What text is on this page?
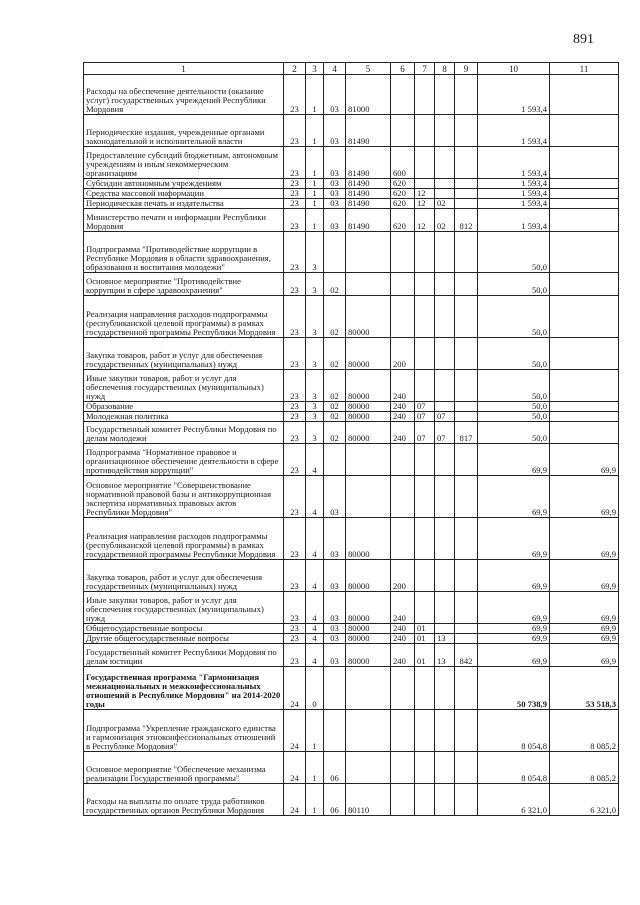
891
1	2	3	4	5	6	7	8	9	10	11
Расходы на обеспечение деятельности (оказание услуг) государственных учреждений Республики Мордовия	23	1	03	81000					1 593,4	
Периодические издания, учрежденные органами законодательной и исполнительной власти	23	1	03	81490					1 593,4	
Предоставление субсидий бюджетным, автономным учреждениям и иным некоммерческим организациям	23	1	03	81490	600				1 593,4	
Субсидии автономным учреждениям	23	1	03	81490	620				1 593,4	
Средства массовой информации	23	1	03	81490	620	12			1 593,4	
Периодическая печать и издательства	23	1	03	81490	620	12	02		1 593,4	
Министерство печати и информации Республики Мордовия	23	1	03	81490	620	12	02	812	1 593,4	
Подпрограмма "Противодействие коррупции в Республике Мордовия в области здравоохранения, образования и воспитания молодежи"	23	3							50,0	
Основное мероприятие "Противодействие коррупции в сфере здравоохранения"	23	3	02						50,0	
Реализация направления расходов подпрограммы (республиканской целевой программы) в рамках государственной программы Республики Мордовия	23	3	02	80000					50,0	
Закупка товаров, работ и услуг для обеспечения государственных (муниципальных) нужд	23	3	02	80000	200				50,0	
Иные закупки товаров, работ и услуг для обеспечения государственных (муниципальных) нужд	23	3	02	80000	240				50,0	
Образование	23	3	02	80000	240	07			50,0	
Молодежная политика	23	3	02	80000	240	07	07		50,0	
Государственный комитет Республики Мордовия по делам молодежи	23	3	02	80000	240	07	07	817	50,0	
Подпрограмма "Нормативное правовое и организационное обеспечение деятельности в сфере противодействия коррупции"	23	4							69,9	69,9
Основное мероприятие "Совершенствование нормативной правовой базы и антикоррупционная экспертиза нормативных правовых актов Республики Мордовия"	23	4	03						69,9	69,9
Реализация направления расходов подпрограммы (республиканской целевой программы) в рамках государственной программы Республики Мордовия	23	4	03	80000					69,9	69,9
Закупка товаров, работ и услуг для обеспечения государственных (муниципальных) нужд	23	4	03	80000	200				69,9	69,9
Иные закупки товаров, работ и услуг для обеспечения государственных (муниципальных) нужд	23	4	03	80000	240				69,9	69,9
Общегосударственные вопросы	23	4	03	80000	240	01			69,9	69,9
Другие общегосударственные вопросы	23	4	03	80000	240	01	13		69,9	69,9
Государственный комитет Республики Мордовия по делам юстиции	23	4	03	80000	240	01	13	842	69,9	69,9
Государственная программа "Гармонизация межнациональных и межконфессиональных отношений в Республике Мордовия" на 2014-2020 годы	24	0							50 738,9	53 518,3
Подпрограмма "Укрепление гражданского единства и гармонизация этноконфессиональных отношений в Республике Мордовия"	24	1							8 054,8	8 085,2
Основное мероприятие "Обеспечение механизма реализации Государственной программы"	24	1	06						8 054,8	8 085,2
Расходы на выплаты по оплате труда работников государственных органов Республики Мордовия	24	1	06	80110					6 321,0	6 321,0
